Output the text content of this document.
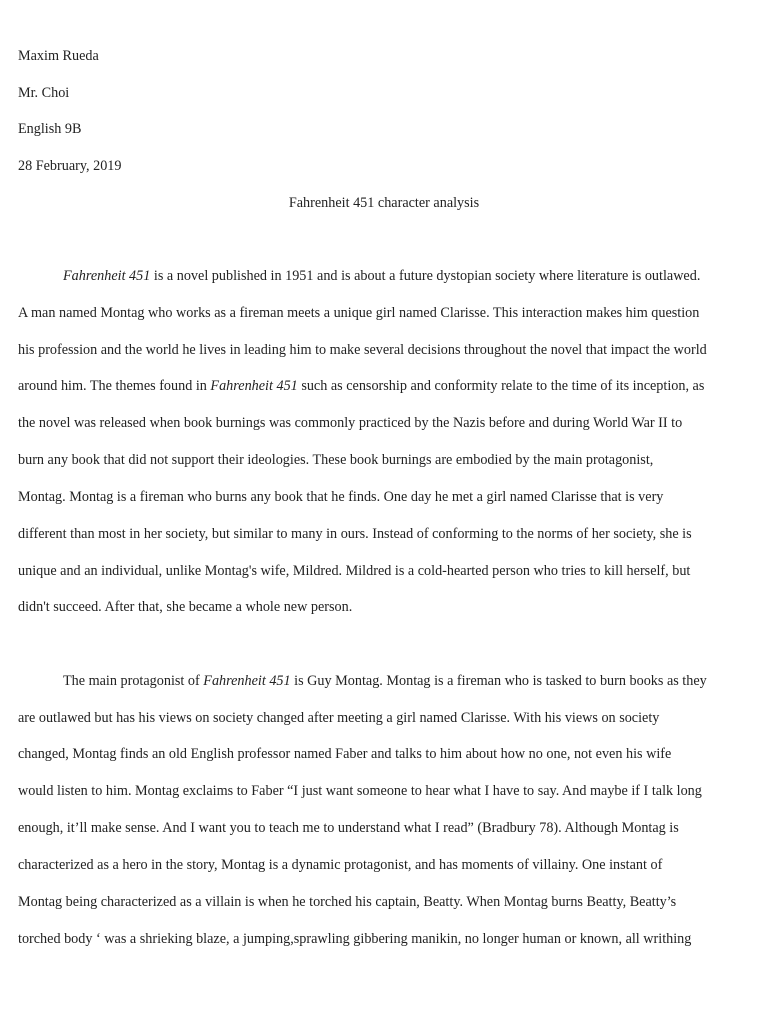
Maxim Rueda
Mr. Choi
English 9B
28 February, 2019
Fahrenheit 451 character analysis
Fahrenheit 451 is a novel published in 1951 and is about a future dystopian society where literature is outlawed.
A man named Montag who works as a fireman meets a unique girl named Clarisse. This interaction makes him question
his profession and the world he lives in leading him to make several decisions throughout the novel that impact the world
around him. The themes found in Fahrenheit 451 such as censorship and conformity relate to the time of its inception, as
the novel was released when book burnings was commonly practiced by the Nazis before and during World War II to
burn any book that did not support their ideologies. These book burnings are embodied by the main protagonist,
Montag. Montag is a fireman who burns any book that he finds. One day he met a girl named Clarisse that is very
different than most in her society, but similar to many in ours. Instead of conforming to the norms of her society, she is
unique and an individual, unlike Montag's wife, Mildred. Mildred is a cold-hearted person who tries to kill herself, but
didn't succeed. After that, she became a whole new person.
The main protagonist of Fahrenheit 451 is Guy Montag. Montag is a fireman who is tasked to burn books as they
are outlawed but has his views on society changed after meeting a girl named Clarisse. With his views on society
changed, Montag finds an old English professor named Faber and talks to him about how no one, not even his wife
would listen to him. Montag exclaims to Faber “I just want someone to hear what I have to say. And maybe if I talk long
enough, it’ll make sense. And I want you to teach me to understand what I read” (Bradbury 78). Although Montag is
characterized as a hero in the story, Montag is a dynamic protagonist, and has moments of villainy. One instant of
Montag being characterized as a villain is when he torched his captain, Beatty. When Montag burns Beatty, Beatty’s
torched body ‘ was a shrieking blaze, a jumping,sprawling gibbering manikin, no longer human or known, all writhing
